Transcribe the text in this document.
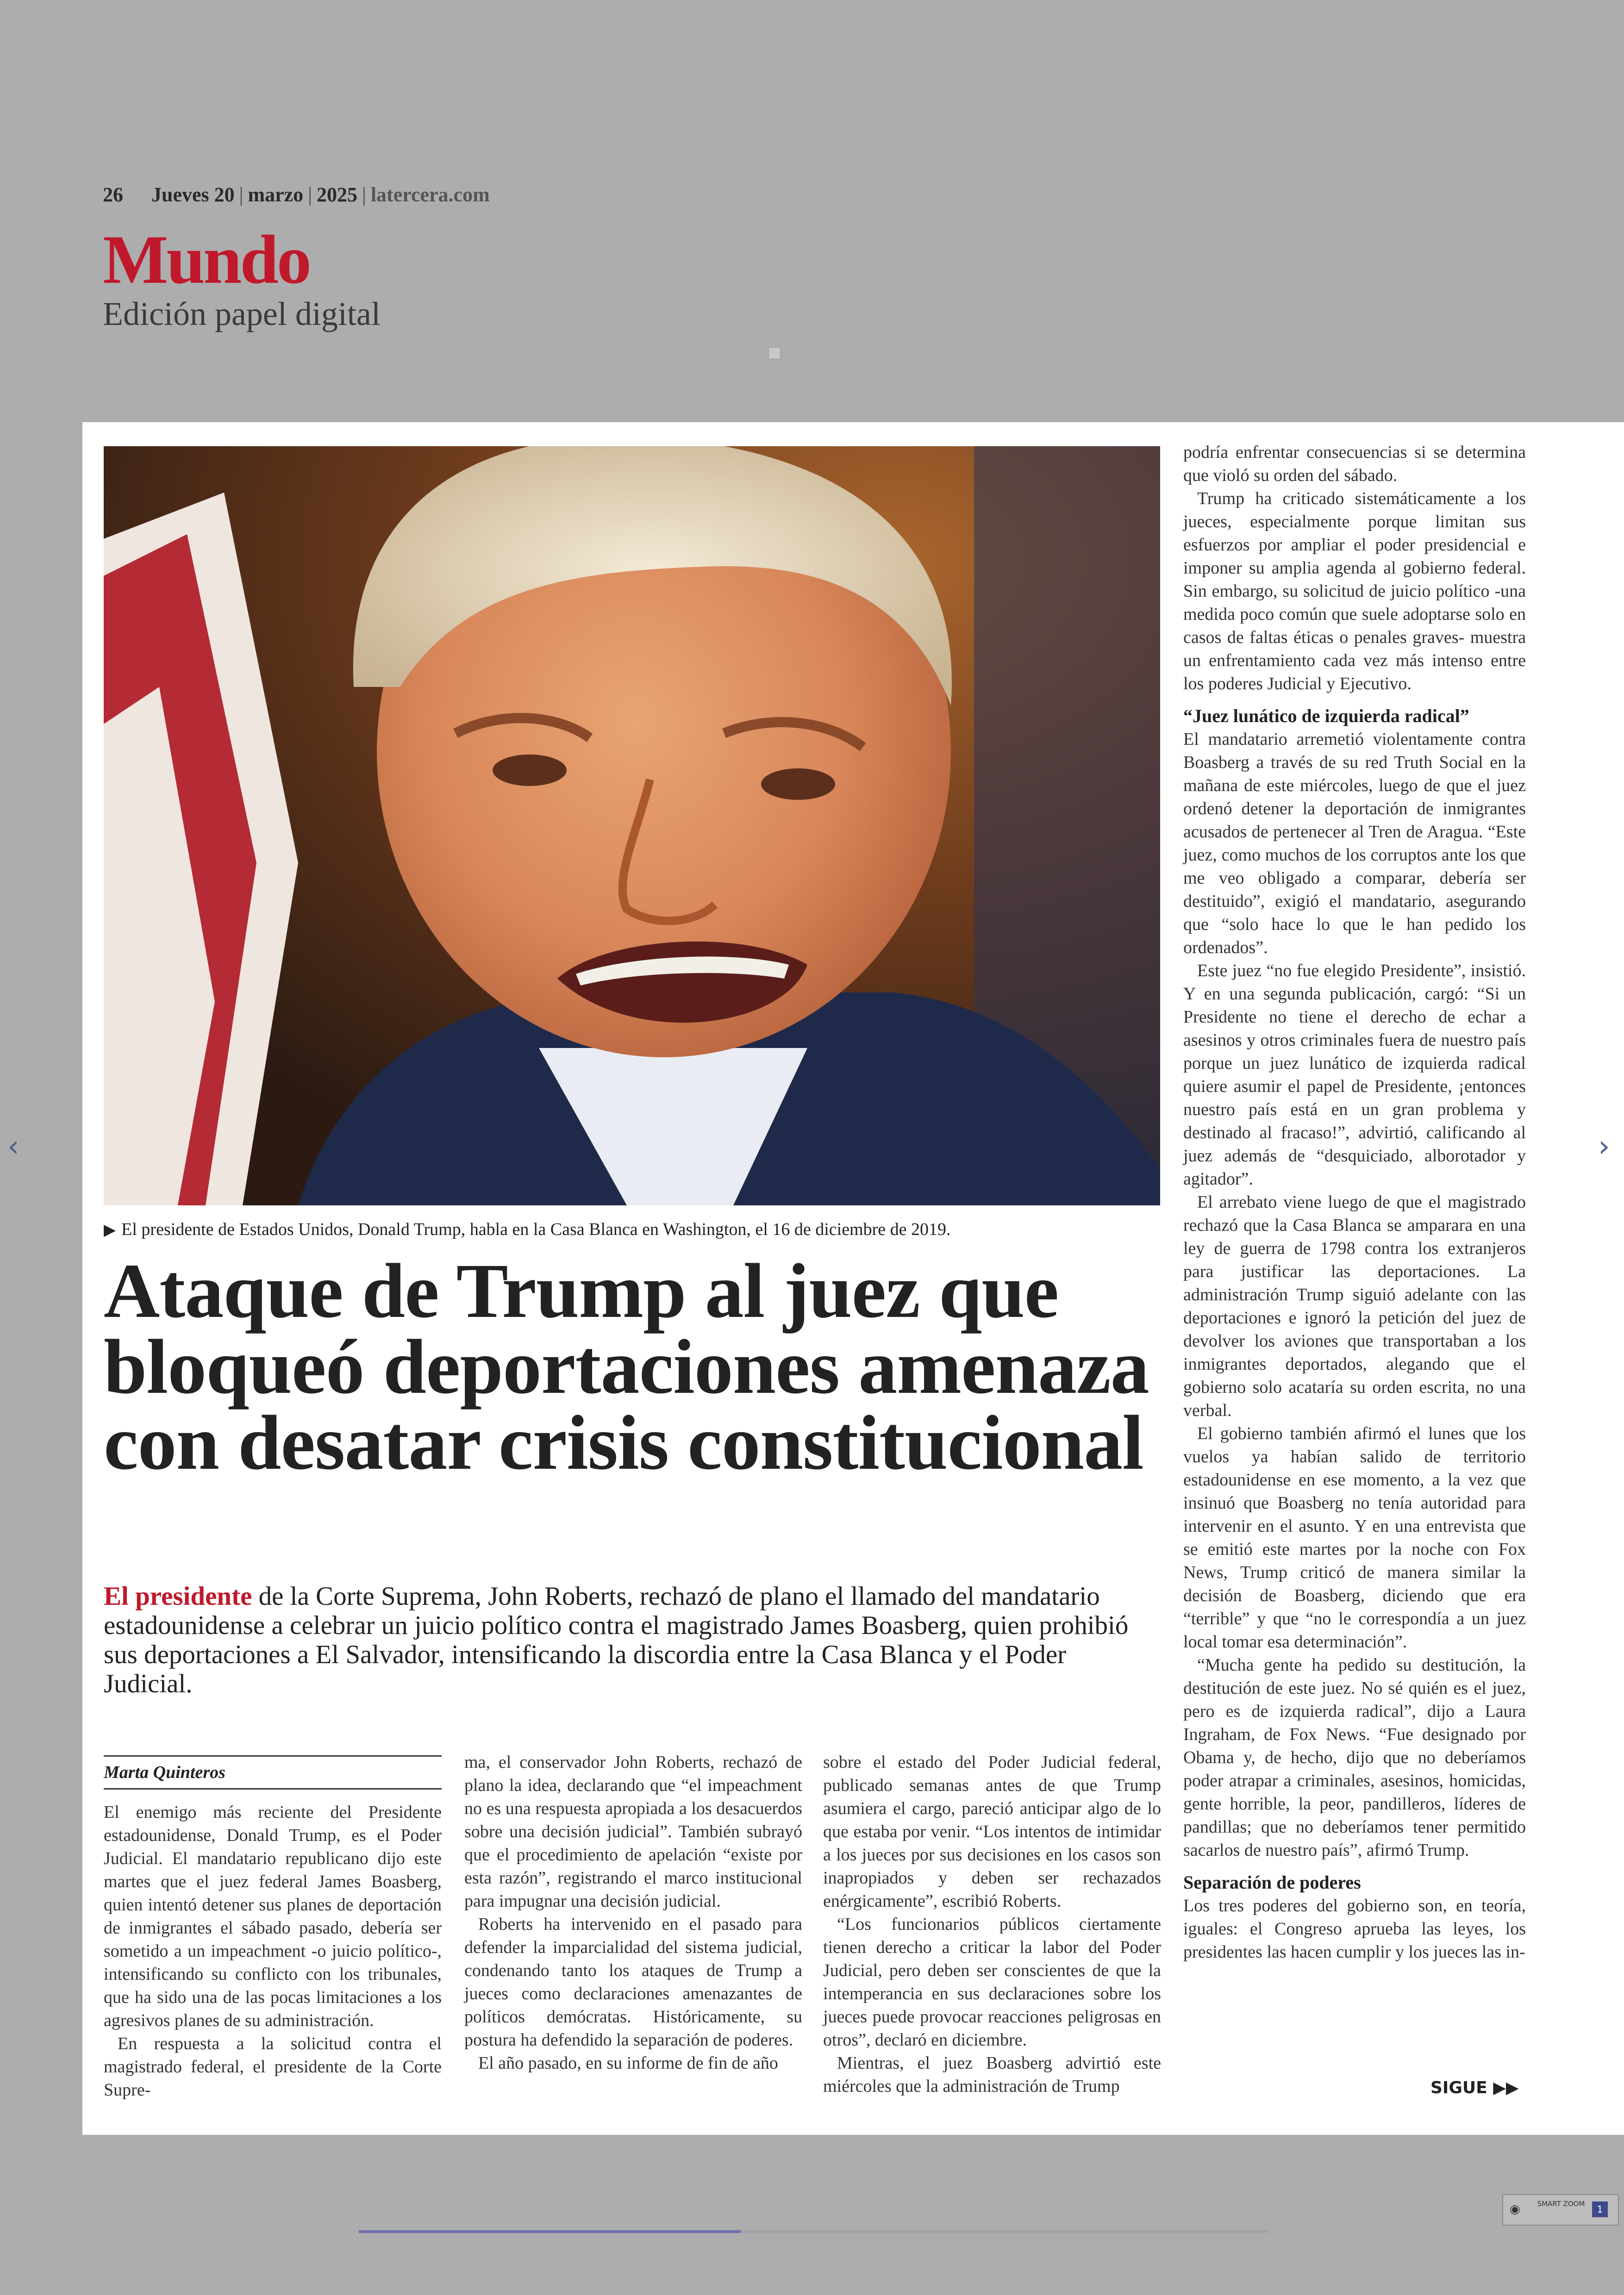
26 Jueves 20 | marzo | 2025 | latercera.com
Mundo
Edición papel digital
▶ El presidente de Estados Unidos, Donald Trump, habla en la Casa Blanca en Washington, el 16 de diciembre de 2019.
Ataque de Trump al juez que bloqueó deportaciones amenaza con desatar crisis constitucional
El presidente de la Corte Suprema, John Roberts, rechazó de plano el llamado del mandatario estadounidense a celebrar un juicio político contra el magistrado James Boasberg, quien prohibió sus deportaciones a El Salvador, intensificando la discordia entre la Casa Blanca y el Poder Judicial.
Marta Quinteros

El enemigo más reciente del Presidente estadounidense, Donald Trump, es el Poder Judicial. El mandatario republicano dijo este martes que el juez federal James Boasberg, quien intentó detener sus planes de deportación de inmigrantes el sábado pasado, debería ser sometido a un impeachment -o juicio político-, intensificando su conflicto con los tribunales, que ha sido una de las pocas limitaciones a los agresivos planes de su administración.

En respuesta a la solicitud contra el magistrado federal, el presidente de la Corte Supre-

ma, el conservador John Roberts, rechazó de plano la idea, declarando que “el impeachment no es una respuesta apropiada a los desacuerdos sobre una decisión judicial”. También subrayó que el procedimiento de apelación “existe por esta razón”, registrando el marco institucional para impugnar una decisión judicial.

Roberts ha intervenido en el pasado para defender la imparcialidad del sistema judicial, condenando tanto los ataques de Trump a jueces como declaraciones amenazantes de políticos demócratas. Históricamente, su postura ha defendido la separación de poderes.

El año pasado, en su informe de fin de año

sobre el estado del Poder Judicial federal, publicado semanas antes de que Trump asumiera el cargo, pareció anticipar algo de lo que estaba por venir. “Los intentos de intimidar a los jueces por sus decisiones en los casos son inapropiados y deben ser rechazados enérgicamente”, escribió Roberts.

“Los funcionarios públicos ciertamente tienen derecho a criticar la labor del Poder Judicial, pero deben ser conscientes de que la intemperancia en sus declaraciones sobre los jueces puede provocar reacciones peligrosas en otros”, declaró en diciembre.

Mientras, el juez Boasberg advirtió este miércoles que la administración de Trump

podría enfrentar consecuencias si se determina que violó su orden del sábado.

Trump ha criticado sistemáticamente a los jueces, especialmente porque limitan sus esfuerzos por ampliar el poder presidencial e imponer su amplia agenda al gobierno federal. Sin embargo, su solicitud de juicio político -una medida poco común que suele adoptarse solo en casos de faltas éticas o penales graves- muestra un enfrentamiento cada vez más intenso entre los poderes Judicial y Ejecutivo.

“Juez lunático de izquierda radical”

El mandatario arremetió violentamente contra Boasberg a través de su red Truth Social en la mañana de este miércoles, luego de que el juez ordenó detener la deportación de inmigrantes acusados de pertenecer al Tren de Aragua. “Este juez, como muchos de los corruptos ante los que me veo obligado a comparar, debería ser destituido”, exigió el mandatario, asegurando que “solo hace lo que le han pedido los ordenados”.

Este juez “no fue elegido Presidente”, insistió. Y en una segunda publicación, cargó: “Si un Presidente no tiene el derecho de echar a asesinos y otros criminales fuera de nuestro país porque un juez lunático de izquierda radical quiere asumir el papel de Presidente, ¡entonces nuestro país está en un gran problema y destinado al fracaso!”, advirtió, calificando al juez además de “desquiciado, alborotador y agitador”.

El arrebato viene luego de que el magistrado rechazó que la Casa Blanca se amparara en una ley de guerra de 1798 contra los extranjeros para justificar las deportaciones. La administración Trump siguió adelante con las deportaciones e ignoró la petición del juez de devolver los aviones que transportaban a los inmigrantes deportados, alegando que el gobierno solo acataría su orden escrita, no una verbal.

El gobierno también afirmó el lunes que los vuelos ya habían salido de territorio estadounidense en ese momento, a la vez que insinuó que Boasberg no tenía autoridad para intervenir en el asunto. Y en una entrevista que se emitió este martes por la noche con Fox News, Trump criticó de manera similar la decisión de Boasberg, diciendo que era “terrible” y que “no le correspondía a un juez local tomar esa determinación”.

“Mucha gente ha pedido su destitución, la destitución de este juez. No sé quién es el juez, pero es de izquierda radical”, dijo a Laura Ingraham, de Fox News. “Fue designado por Obama y, de hecho, dijo que no deberíamos poder atrapar a criminales, asesinos, homicidas, gente horrible, la peor, pandilleros, líderes de pandillas; que no deberíamos tener permitido sacarlos de nuestro país”, afirmó Trump.

Separación de poderes

Los tres poderes del gobierno son, en teoría, iguales: el Congreso aprueba las leyes, los presidentes las hacen cumplir y los jueces las in-

SIGUE ▶▶
‹	›
◉ SMART ZOOM	1
